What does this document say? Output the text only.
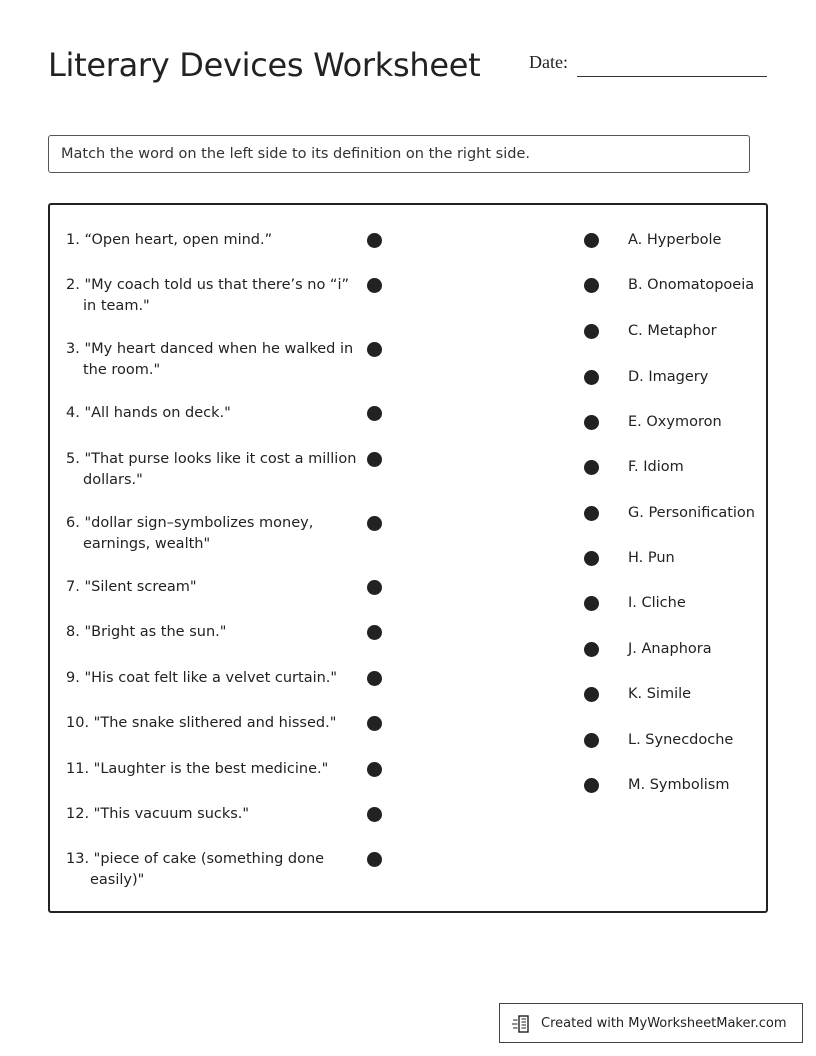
Literary Devices Worksheet	Date:
Match the word on the left side to its definition on the right side.
1. “Open heart, open mind.”
2. "My coach told us that there’s no “i” in team."
3. "My heart danced when he walked in the room."
4. "All hands on deck."
5. "That purse looks like it cost a million dollars."
6. "dollar sign–symbolizes money, earnings, wealth"
7. "Silent scream"
8. "Bright as the sun."
9. "His coat felt like a velvet curtain."
10. "The snake slithered and hissed."
11. "Laughter is the best medicine."
12. "This vacuum sucks."
13. "piece of cake (something done easily)"
A. Hyperbole
B. Onomatopoeia
C. Metaphor
D. Imagery
E. Oxymoron
F. Idiom
G. Personification
H. Pun
I. Cliche
J. Anaphora
K. Simile
L. Synecdoche
M. Symbolism
Created with MyWorksheetMaker.com
